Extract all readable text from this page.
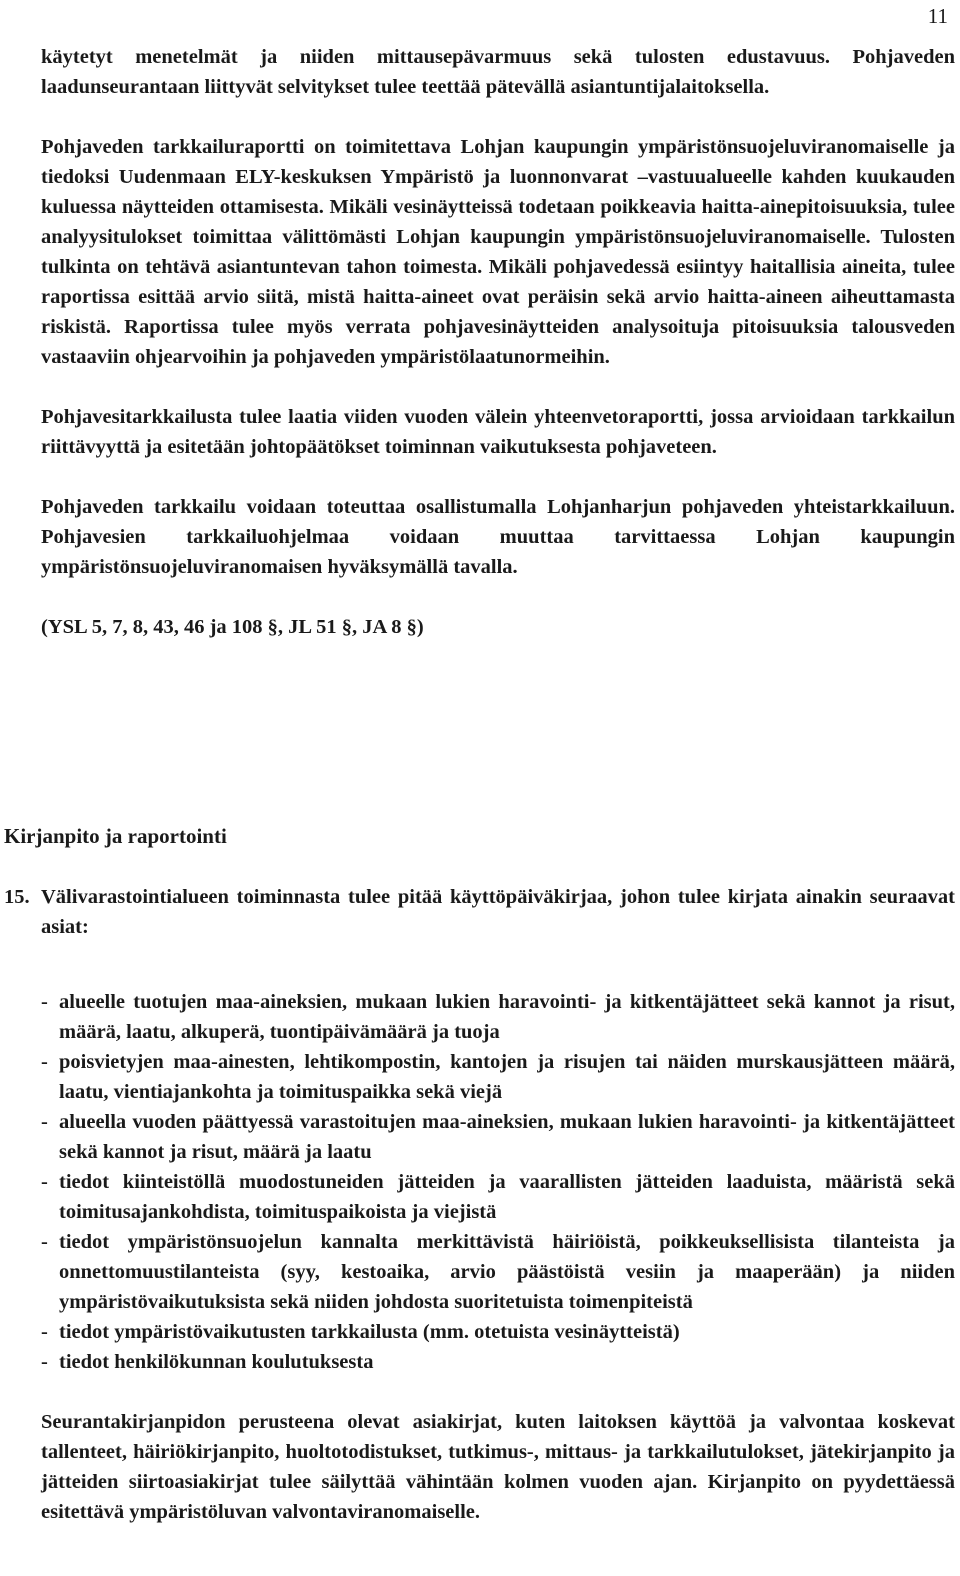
11

käytetyt menetelmät ja niiden mittausepävarmuus sekä tulosten edustavuus. Pohjaveden laadunseurantaan liittyvät selvitykset tulee teettää pätevällä asiantuntijalaitoksella.

Pohjaveden tarkkailuraportti on toimitettava Lohjan kaupungin ympäristönsuojeluviranomaiselle ja tiedoksi Uudenmaan ELY-keskuksen Ympäristö ja luonnonvarat –vastuualueelle kahden kuukauden kuluessa näytteiden ottamisesta. Mikäli vesinäytteissä todetaan poikkeavia haitta-ainepitoisuuksia, tulee analyysitulokset toimittaa välittömästi Lohjan kaupungin ympäristönsuojeluviranomaiselle. Tulosten tulkinta on tehtävä asiantuntevan tahon toimesta. Mikäli pohjavedessä esiintyy haitallisia aineita, tulee raportissa esittää arvio siitä, mistä haitta-aineet ovat peräisin sekä arvio haitta-aineen aiheuttamasta riskistä. Raportissa tulee myös verrata pohjavesinäytteiden analysoituja pitoisuuksia talousveden vastaaviin ohjearvoihin ja pohjaveden ympäristölaatunormeihin.

Pohjavesitarkkailusta tulee laatia viiden vuoden välein yhteenvetoraportti, jossa arvioidaan tarkkailun riittävyyttä ja esitetään johtopäätökset toiminnan vaikutuksesta pohjaveteen.

Pohjaveden tarkkailu voidaan toteuttaa osallistumalla Lohjanharjun pohjaveden yhteistarkkailuun. Pohjavesien tarkkailuohjelmaa voidaan muuttaa tarvittaessa Lohjan kaupungin ympäristönsuojeluviranomaisen hyväksymällä tavalla.

(YSL 5, 7, 8, 43, 46 ja 108 §, JL 51 §, JA 8 §)

Kirjanpito ja raportointi
15. Välivarastointialueen toiminnasta tulee pitää käyttöpäiväkirjaa, johon tulee kirjata ainakin seuraavat asiat:

- alueelle tuotujen maa-aineksien, mukaan lukien haravointi- ja kitkentäjätteet sekä kannot ja risut, määrä, laatu, alkuperä, tuontipäivämäärä ja tuoja
- poisvietyjen maa-ainesten, lehtikompostin, kantojen ja risujen tai näiden murskausjätteen määrä, laatu, vientiajankohta ja toimituspaikka sekä viejä
- alueella vuoden päättyessä varastoitujen maa-aineksien, mukaan lukien haravointi- ja kitkentäjätteet sekä kannot ja risut, määrä ja laatu
- tiedot kiinteistöllä muodostuneiden jätteiden ja vaarallisten jätteiden laaduista, määristä sekä toimitusajankohdista, toimituspaikoista ja viejistä
- tiedot ympäristönsuojelun kannalta merkittävistä häiriöistä, poikkeuksellisista tilanteista ja onnettomuustilanteista (syy, kestoaika, arvio päästöistä vesiin ja maaperään) ja niiden ympäristövaikutuksista sekä niiden johdosta suoritetuista toimenpiteistä
- tiedot ympäristövaikutusten tarkkailusta (mm. otetuista vesinäytteistä)
- tiedot henkilökunnan koulutuksesta

Seurantakirjanpidon perusteena olevat asiakirjat, kuten laitoksen käyttöä ja valvontaa koskevat tallenteet, häiriökirjanpito, huoltotodistukset, tutkimus-, mittaus- ja tarkkailutulokset, jätekirjanpito ja jätteiden siirtoasiakirjat tulee säilyttää vähintään kolmen vuoden ajan. Kirjanpito on pyydettäessä esitettävä ympäristöluvan valvontaviranomaiselle.
